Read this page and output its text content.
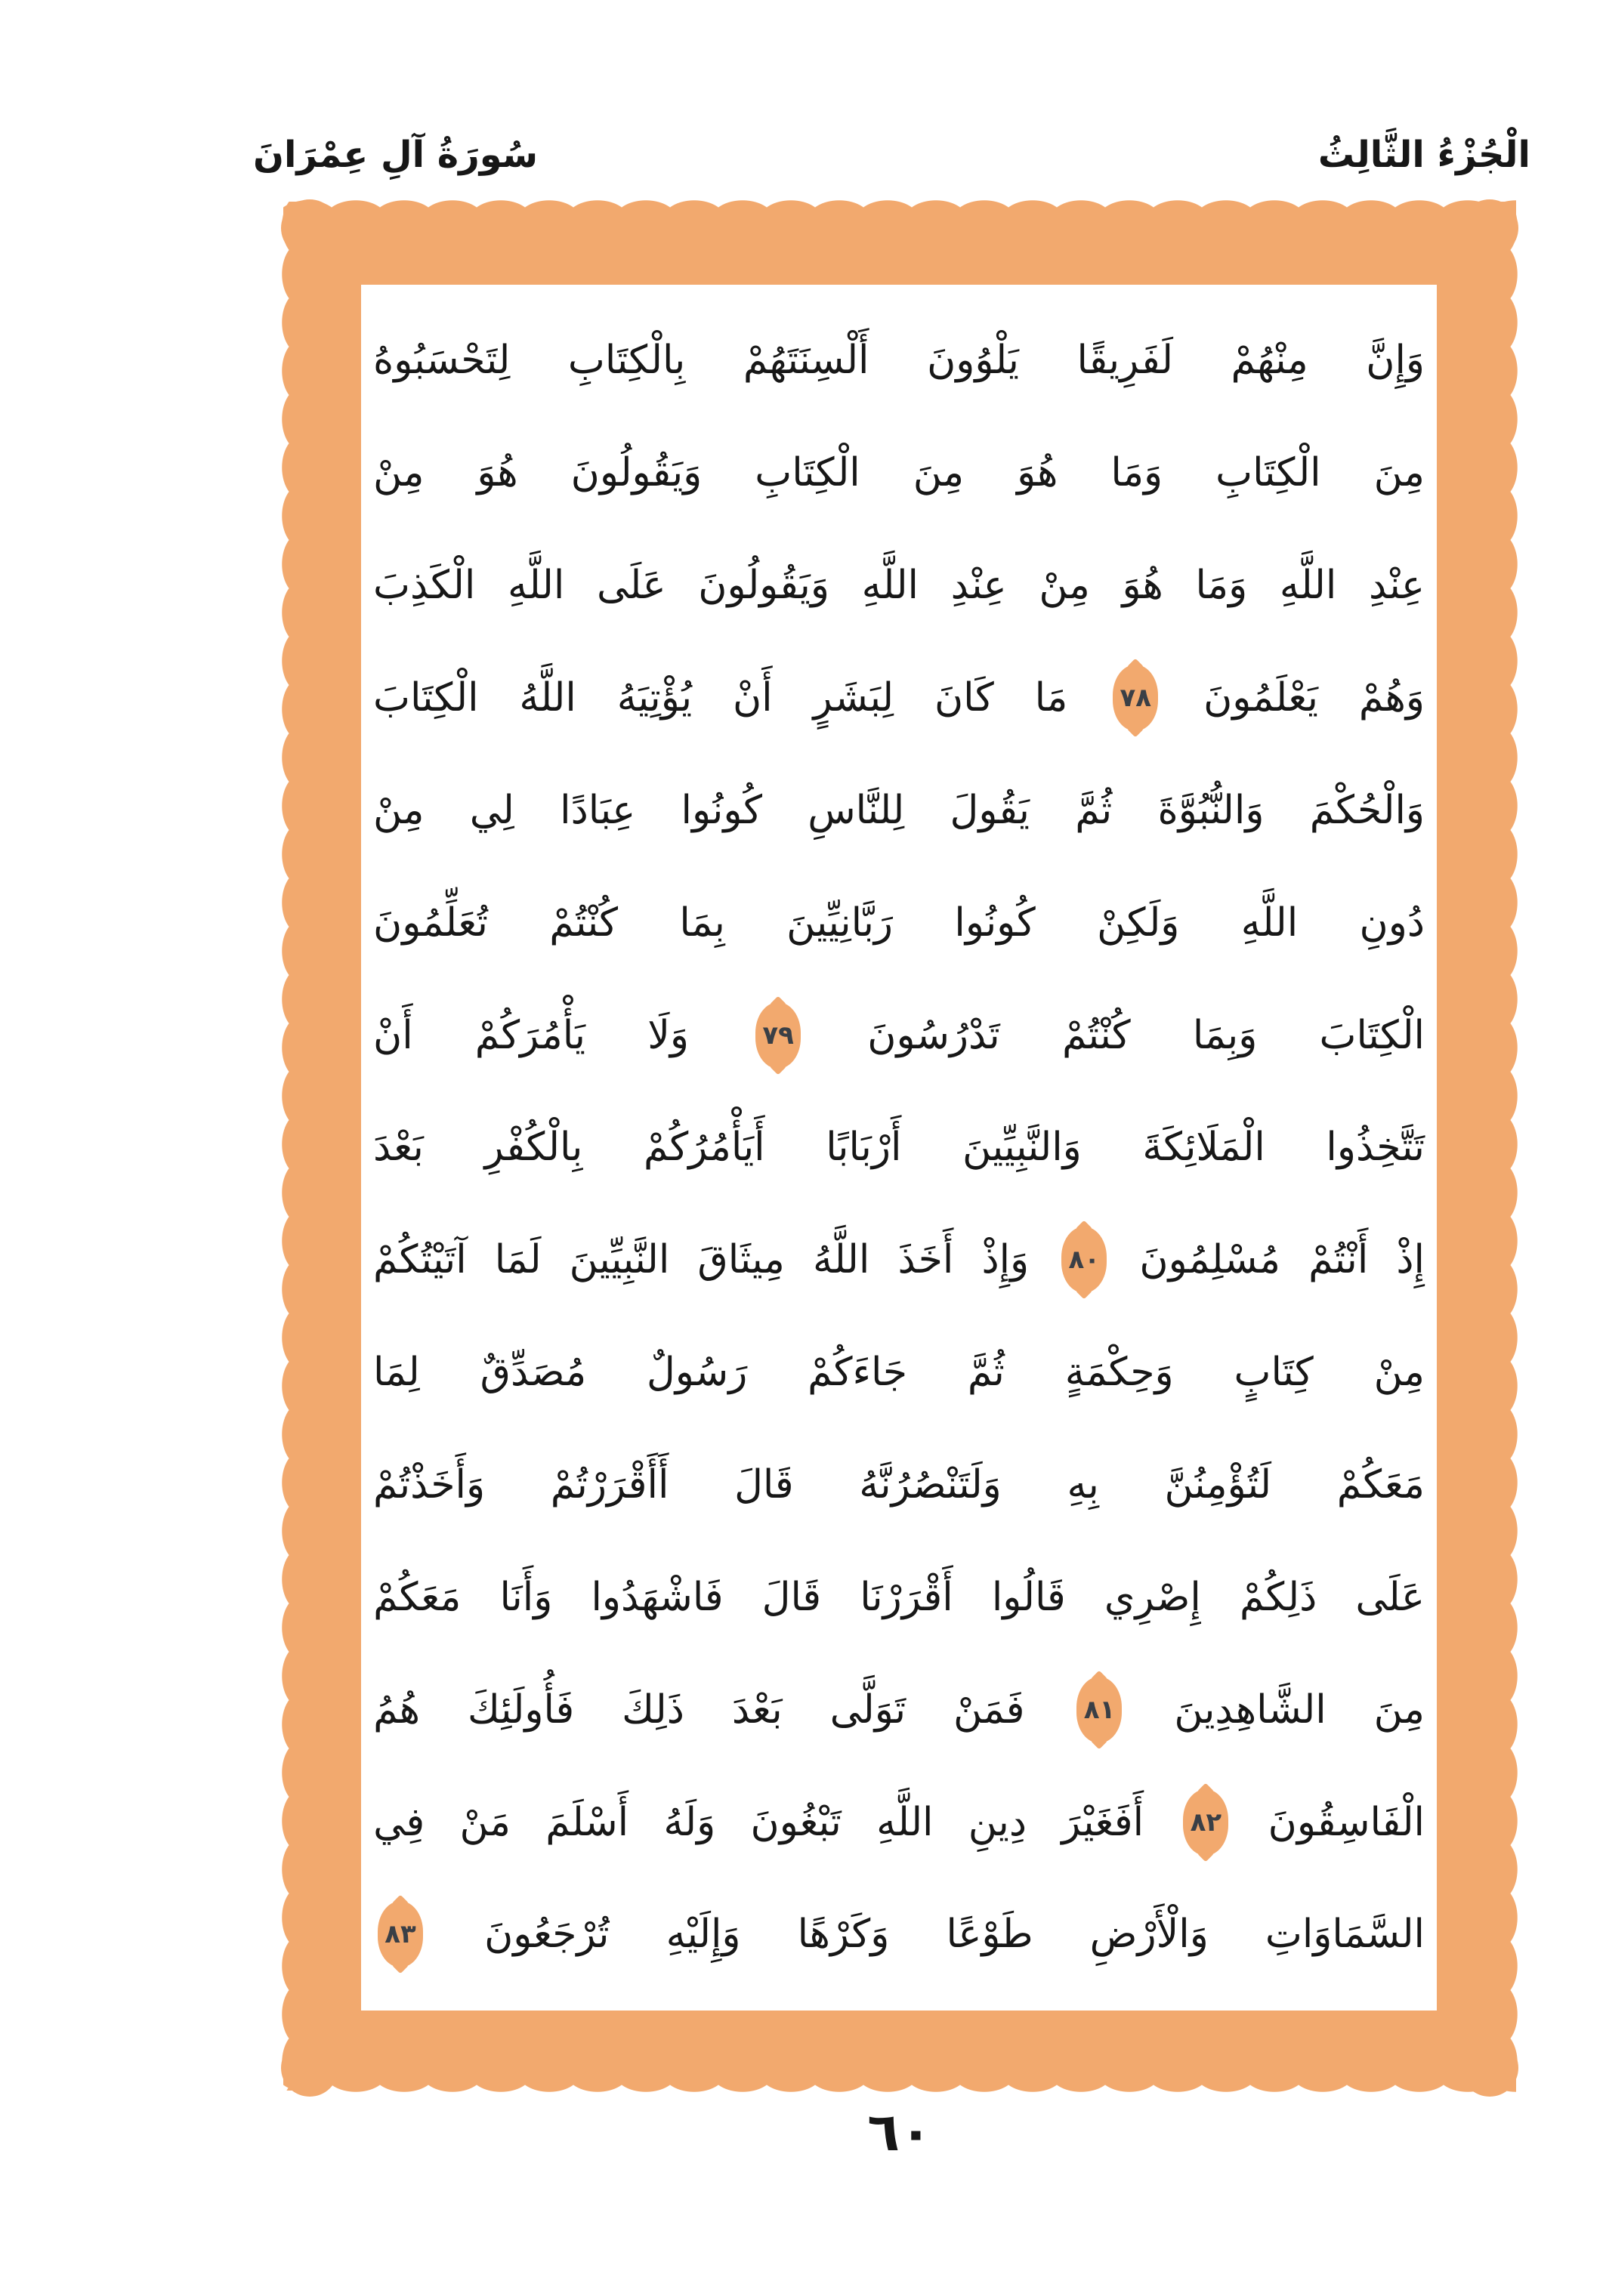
سُورَةُ آلِ عِمْرَانَ	الْجُزْءُ الثَّالِثُ
وَإِنَّ
مِنْهُمْ
لَفَرِيقًا
يَلْوُونَ
أَلْسِنَتَهُمْ
بِالْكِتَابِ
لِتَحْسَبُوهُ
مِنَ
الْكِتَابِ
وَمَا
هُوَ
مِنَ
الْكِتَابِ
وَيَقُولُونَ
هُوَ
مِنْ
عِنْدِ
اللَّهِ
وَمَا
هُوَ
مِنْ
عِنْدِ
اللَّهِ
وَيَقُولُونَ
عَلَى
اللَّهِ
الْكَذِبَ
وَهُمْ
يَعْلَمُونَ
٧٨
مَا
كَانَ
لِبَشَرٍ
أَنْ
يُؤْتِيَهُ
اللَّهُ
الْكِتَابَ
وَالْحُكْمَ
وَالنُّبُوَّةَ
ثُمَّ
يَقُولَ
لِلنَّاسِ
كُونُوا
عِبَادًا
لِي
مِنْ
دُونِ
اللَّهِ
وَلَكِنْ
كُونُوا
رَبَّانِيِّينَ
بِمَا
كُنْتُمْ
تُعَلِّمُونَ
الْكِتَابَ
وَبِمَا
كُنْتُمْ
تَدْرُسُونَ
٧٩
وَلَا
يَأْمُرَكُمْ
أَنْ
تَتَّخِذُوا
الْمَلَائِكَةَ
وَالنَّبِيِّينَ
أَرْبَابًا
أَيَأْمُرُكُمْ
بِالْكُفْرِ
بَعْدَ
إِذْ
أَنْتُمْ
مُسْلِمُونَ
٨٠
وَإِذْ
أَخَذَ
اللَّهُ
مِيثَاقَ
النَّبِيِّينَ
لَمَا
آتَيْتُكُمْ
مِنْ
كِتَابٍ
وَحِكْمَةٍ
ثُمَّ
جَاءَكُمْ
رَسُولٌ
مُصَدِّقٌ
لِمَا
مَعَكُمْ
لَتُؤْمِنُنَّ
بِهِ
وَلَتَنْصُرُنَّهُ
قَالَ
أَأَقْرَرْتُمْ
وَأَخَذْتُمْ
عَلَى
ذَلِكُمْ
إِصْرِي
قَالُوا
أَقْرَرْنَا
قَالَ
فَاشْهَدُوا
وَأَنَا
مَعَكُمْ
مِنَ
الشَّاهِدِينَ
٨١
فَمَنْ
تَوَلَّى
بَعْدَ
ذَلِكَ
فَأُولَئِكَ
هُمُ
الْفَاسِقُونَ
٨٢
أَفَغَيْرَ
دِينِ
اللَّهِ
تَبْغُونَ
وَلَهُ
أَسْلَمَ
مَنْ
فِي
السَّمَاوَاتِ
وَالْأَرْضِ
طَوْعًا
وَكَرْهًا
وَإِلَيْهِ
تُرْجَعُونَ
٨٣
٦٠
